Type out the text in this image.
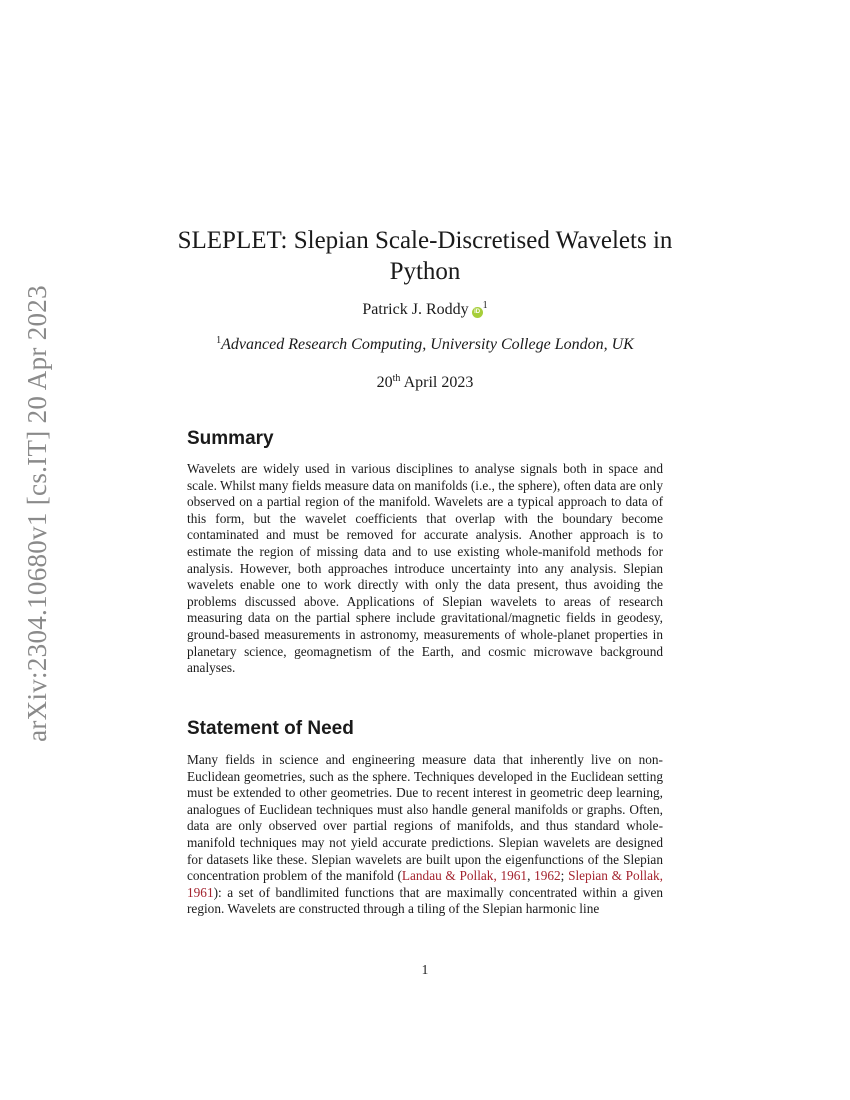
arXiv:2304.10680v1 [cs.IT] 20 Apr 2023
SLEPLET: Slepian Scale-Discretised Wavelets in Python
Patrick J. Roddy $iD^1$
$^1$Advanced Research Computing, University College London, UK
20th April 2023
Summary

Wavelets are widely used in various disciplines to analyse signals both in space and scale. Whilst many fields measure data on manifolds (i.e., the sphere), often data are only observed on a partial region of the manifold. Wavelets are a typical approach to data of this form, but the wavelet coefficients that overlap with the boundary become contaminated and must be removed for accurate analysis. Another approach is to estimate the region of missing data and to use existing whole-manifold methods for analysis. However, both approaches introduce uncertainty into any analysis. Slepian wavelets enable one to work directly with only the data present, thus avoiding the problems discussed above. Applications of Slepian wavelets to areas of research measuring data on the partial sphere include gravitational/magnetic fields in geodesy, ground-based measurements in astronomy, measurements of whole-planet properties in planetary science, geomagnetism of the Earth, and cosmic microwave background analyses.

Statement of Need

Many fields in science and engineering measure data that inherently live on non-Euclidean geometries, such as the sphere. Techniques developed in the Euclidean setting must be extended to other geometries. Due to recent interest in geometric deep learning, analogues of Euclidean techniques must also handle general manifolds or graphs. Often, data are only observed over partial regions of manifolds, and thus standard whole-manifold techniques may not yield accurate predictions. Slepian wavelets are designed for datasets like these. Slepian wavelets are built upon the eigenfunctions of the Slepian concentration problem of the manifold (Landau & Pollak, 1961, 1962; Slepian & Pollak, 1961): a set of bandlimited functions that are maximally concentrated within a given region. Wavelets are constructed through a tiling of the Slepian harmonic line

1
